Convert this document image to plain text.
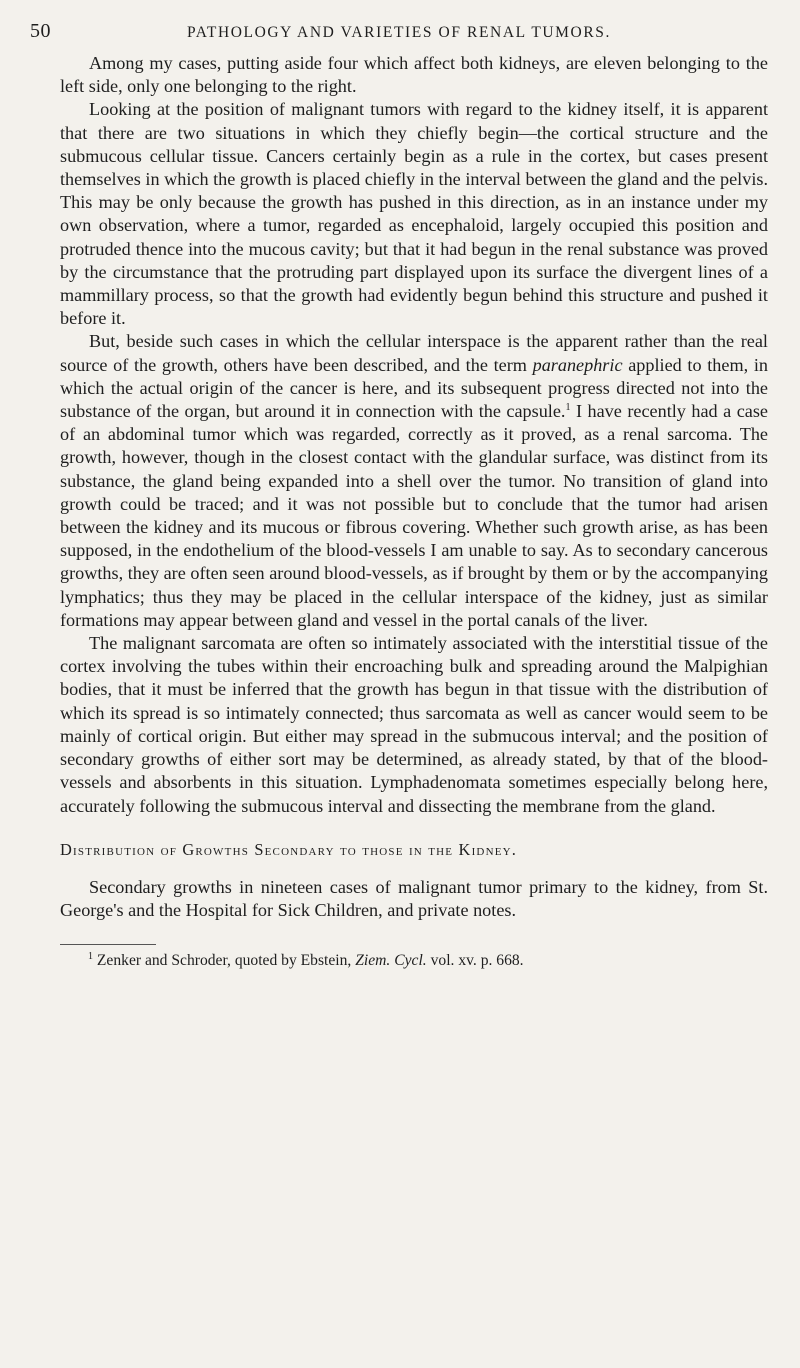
50	PATHOLOGY AND VARIETIES OF RENAL TUMORS.

Among my cases, putting aside four which affect both kidneys, are eleven belonging to the left side, only one belonging to the right.

Looking at the position of malignant tumors with regard to the kidney itself, it is apparent that there are two situations in which they chiefly begin—the cortical structure and the submucous cellular tissue. Cancers certainly begin as a rule in the cortex, but cases present themselves in which the growth is placed chiefly in the interval between the gland and the pelvis. This may be only because the growth has pushed in this direction, as in an instance under my own observation, where a tumor, regarded as encephaloid, largely occupied this position and protruded thence into the mucous cavity; but that it had begun in the renal substance was proved by the circumstance that the protruding part displayed upon its surface the divergent lines of a mammillary process, so that the growth had evidently begun behind this structure and pushed it before it.

But, beside such cases in which the cellular interspace is the apparent rather than the real source of the growth, others have been described, and the term paranephric applied to them, in which the actual origin of the cancer is here, and its subsequent progress directed not into the substance of the organ, but around it in connection with the capsule.$^1$ I have recently had a case of an abdominal tumor which was regarded, correctly as it proved, as a renal sarcoma. The growth, however, though in the closest contact with the glandular surface, was distinct from its substance, the gland being expanded into a shell over the tumor. No transition of gland into growth could be traced; and it was not possible but to conclude that the tumor had arisen between the kidney and its mucous or fibrous covering. Whether such growth arise, as has been supposed, in the endothelium of the blood-vessels I am unable to say. As to secondary cancerous growths, they are often seen around blood-vessels, as if brought by them or by the accompanying lymphatics; thus they may be placed in the cellular interspace of the kidney, just as similar formations may appear between gland and vessel in the portal canals of the liver.

The malignant sarcomata are often so intimately associated with the interstitial tissue of the cortex involving the tubes within their encroaching bulk and spreading around the Malpighian bodies, that it must be inferred that the growth has begun in that tissue with the distribution of which its spread is so intimately connected; thus sarcomata as well as cancer would seem to be mainly of cortical origin. But either may spread in the submucous interval; and the position of secondary growths of either sort may be determined, as already stated, by that of the blood-vessels and absorbents in this situation. Lymphadenomata sometimes especially belong here, accurately following the submucous interval and dissecting the membrane from the gland.

Distribution of Growths Secondary to those in the Kidney.

Secondary growths in nineteen cases of malignant tumor primary to the kidney, from St. George's and the Hospital for Sick Children, and private notes.

$^1$ Zenker and Schroder, quoted by Ebstein, Ziem. Cycl. vol. xv. p. 668.
